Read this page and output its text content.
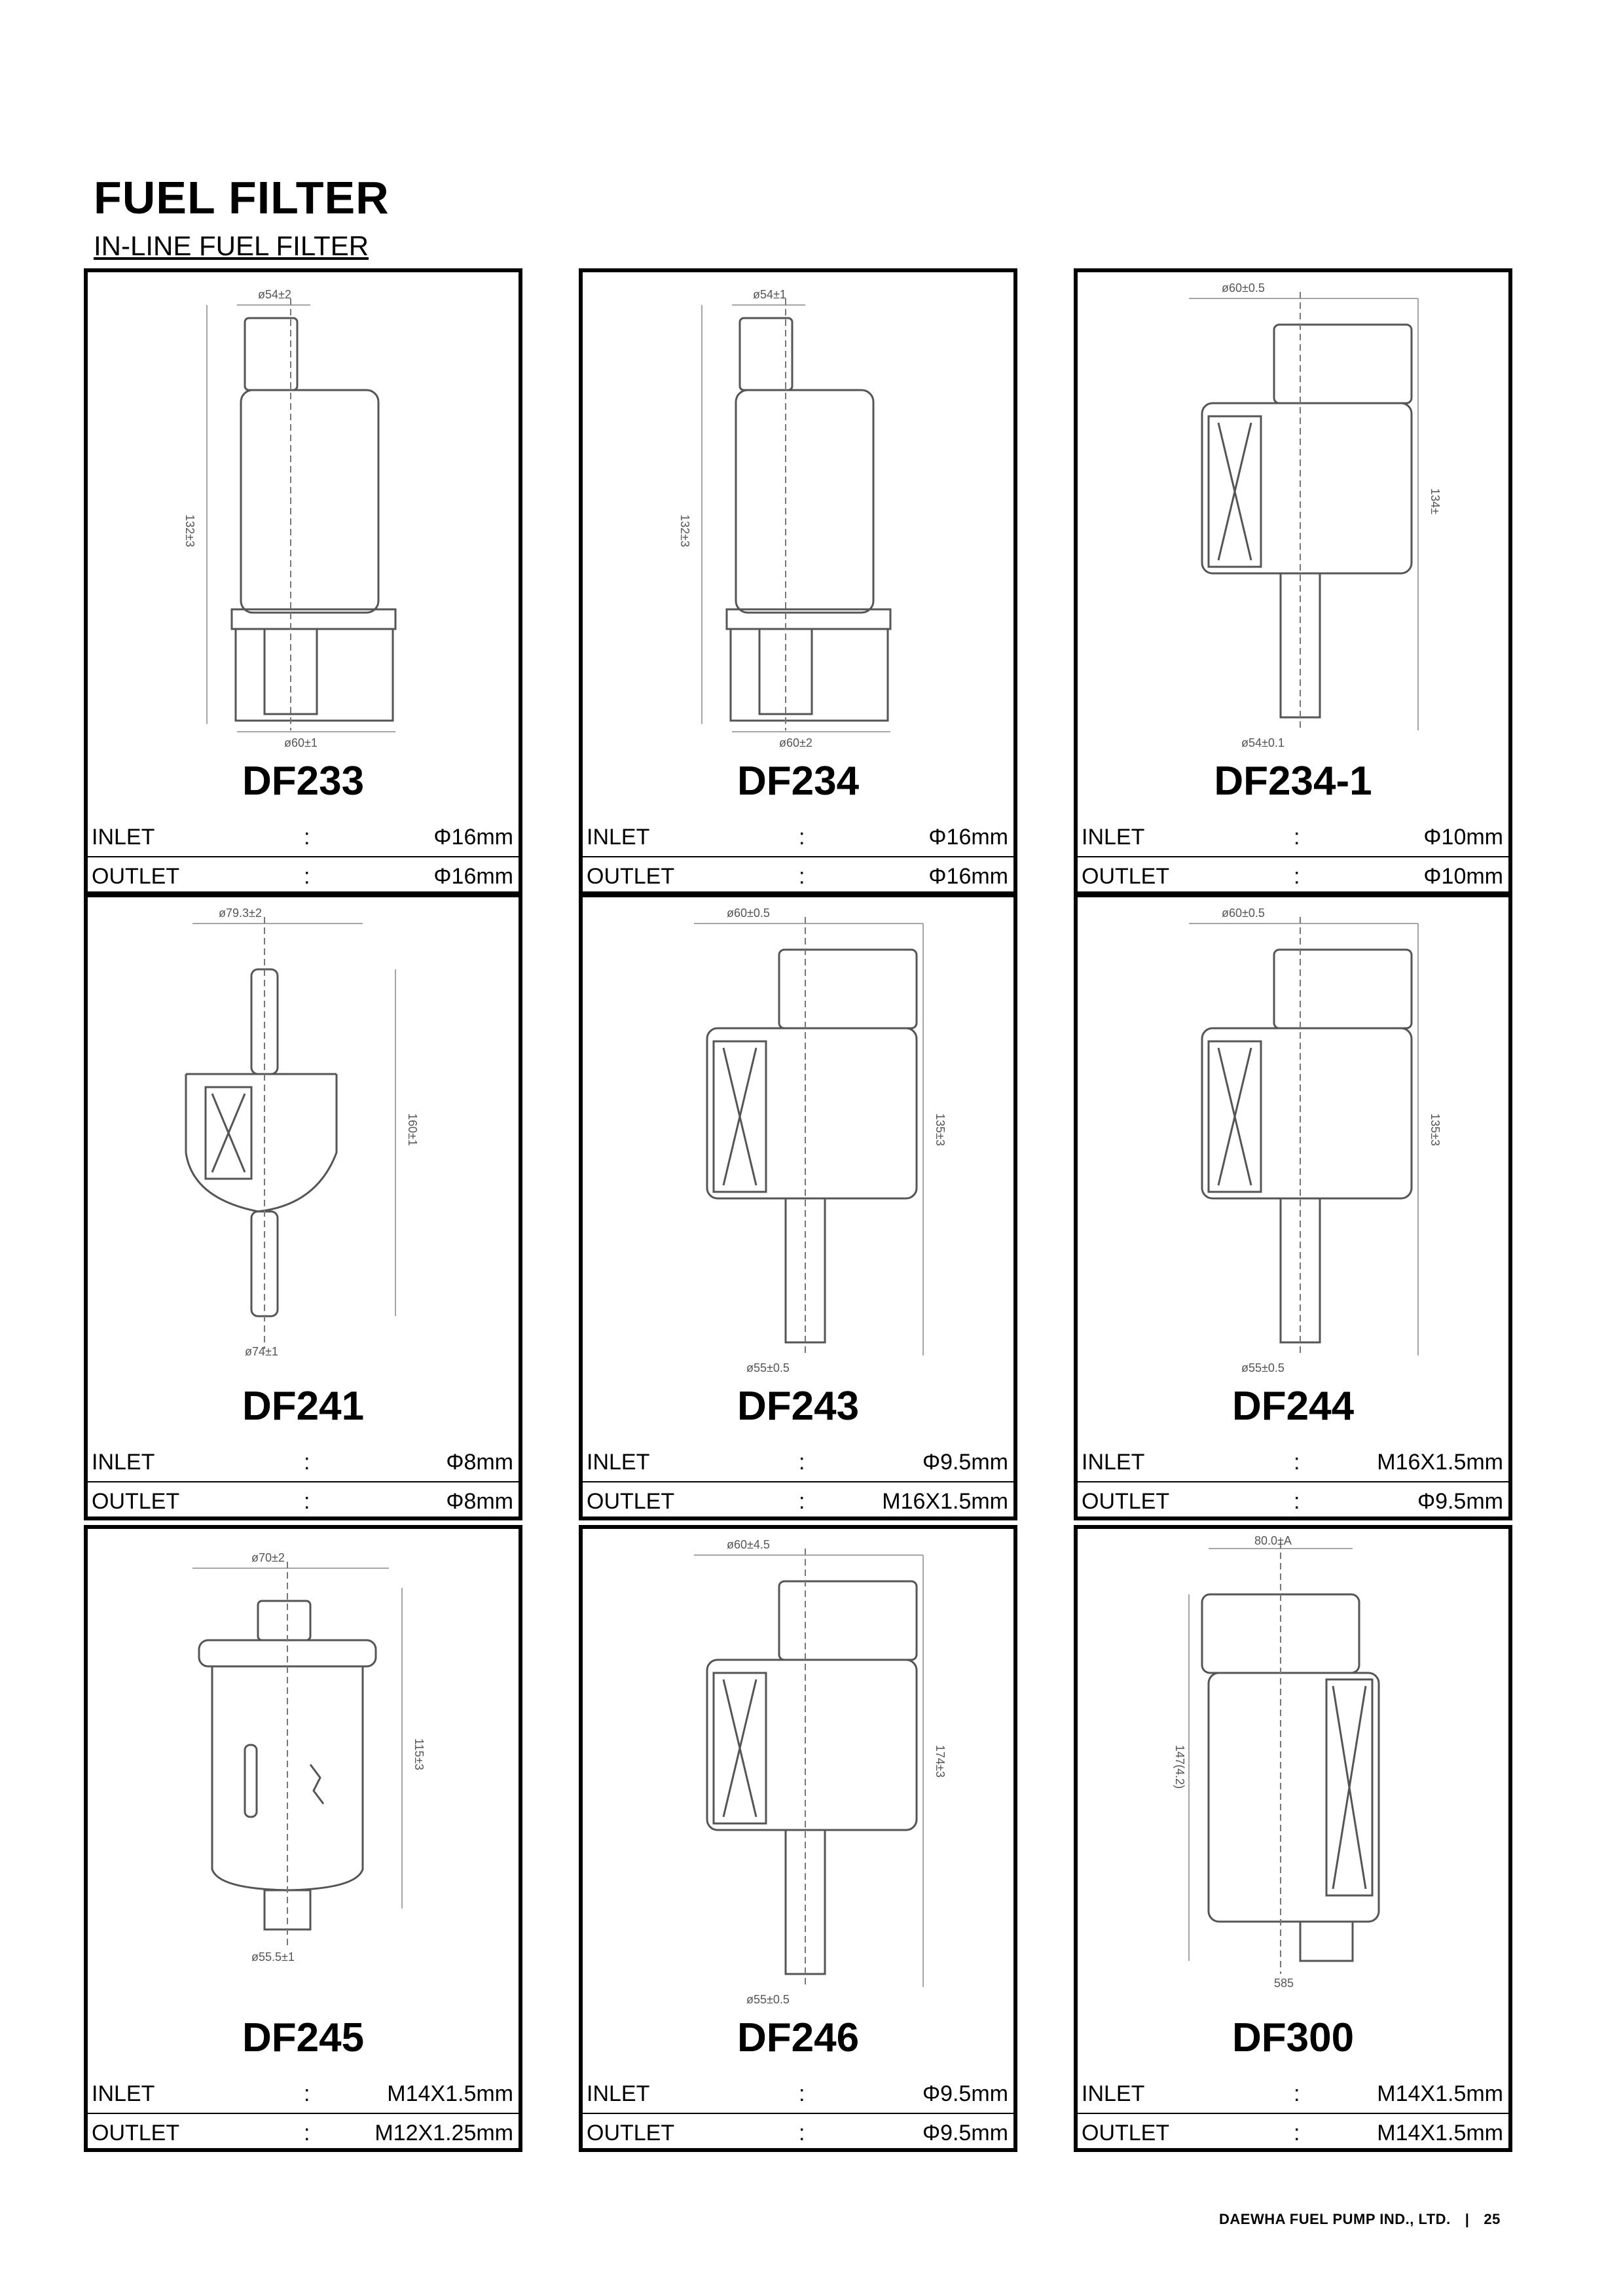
FUEL FILTER
IN-LINE FUEL FILTER
ø54±2
ø60±1
132±3
DF233
INLET	:	Φ16mm
OUTLET	:	Φ16mm
ø54±1
ø60±2
132±3
DF234
INLET	:	Φ16mm
OUTLET	:	Φ16mm
ø60±0.5
ø54±0.1
134±
DF234-1
INLET	:	Φ10mm
OUTLET	:	Φ10mm
ø79.3±2
ø74±1
160±1
DF241
INLET	:	Φ8mm
OUTLET	:	Φ8mm
ø60±0.5
ø55±0.5
135±3
DF243
INLET	:	Φ9.5mm
OUTLET	:	M16X1.5mm
ø60±0.5
ø55±0.5
135±3
DF244
INLET	:	M16X1.5mm
OUTLET	:	Φ9.5mm
ø70±2
ø55.5±1
115±3
DF245
INLET	:	M14X1.5mm
OUTLET	:	M12X1.25mm
ø60±4.5
ø55±0.5
174±3
DF246
INLET	:	Φ9.5mm
OUTLET	:	Φ9.5mm
80.0±A
585
147(4.2)
DF300
INLET	:	M14X1.5mm
OUTLET	:	M14X1.5mm
DAEWHA FUEL PUMP IND., LTD. | 25
